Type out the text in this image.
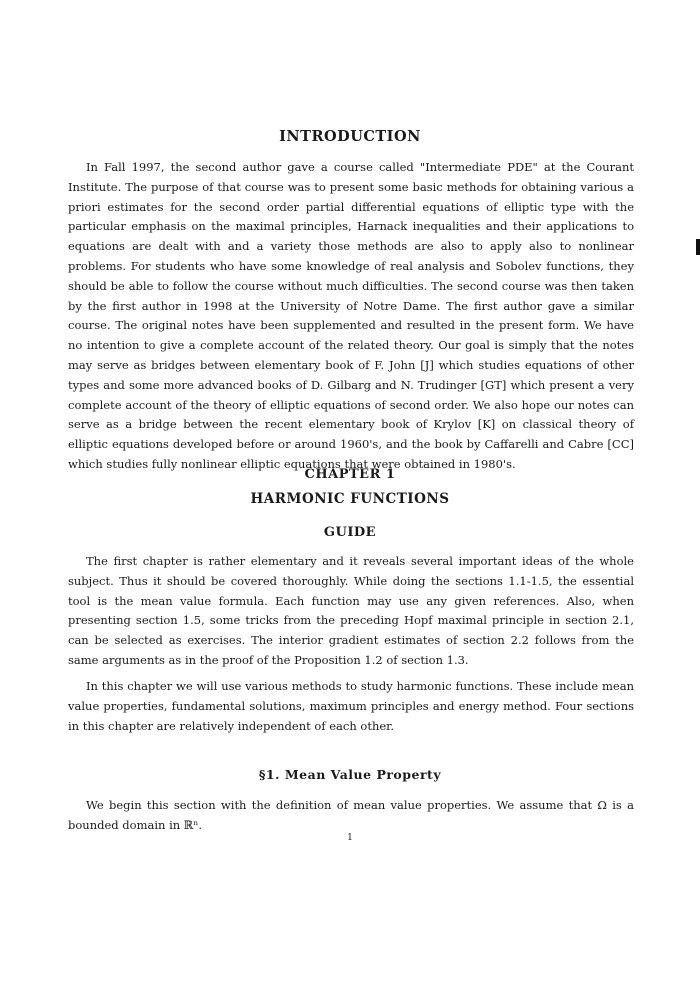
INTRODUCTION

In Fall 1997, the second author gave a course called "Intermediate PDE" at the Courant Institute. The purpose of that course was to present some basic methods for obtaining various a priori estimates for the second order partial differential equations of elliptic type with the particular emphasis on the maximal principles, Harnack inequalities and their applications to equations are dealt with and a variety those methods are also to apply also to nonlinear problems. For students who have some knowledge of real analysis and Sobolev functions, they should be able to follow the course without much difficulties. The second course was then taken by the first author in 1998 at the University of Notre Dame. The first author gave a similar course. The original notes have been supplemented and resulted in the present form. We have no intention to give a complete account of the related theory. Our goal is simply that the notes may serve as bridges between elementary book of F. John [J] which studies equations of other types and some more advanced books of D. Gilbarg and N. Trudinger [GT] which present a very complete account of the theory of elliptic equations of second order. We also hope our notes can serve as a bridge between the recent elementary book of Krylov [K] on classical theory of elliptic equations developed before or around 1960's, and the book by Caffarelli and Cabre [CC] which studies fully nonlinear elliptic equations that were obtained in 1980's.

CHAPTER 1
HARMONIC FUNCTIONS
GUIDE

The first chapter is rather elementary and it reveals several important ideas of the whole subject. Thus it should be covered thoroughly. While doing the sections 1.1-1.5, the essential tool is the mean value formula. Each function may use any given references. Also, when presenting section 1.5, some tricks from the preceding Hopf maximal principle in section 2.1, can be selected as exercises. The interior gradient estimates of section 2.2 follows from the same arguments as in the proof of the Proposition 1.2 of section 1.3.

In this chapter we will use various methods to study harmonic functions. These include mean value properties, fundamental solutions, maximum principles and energy method. Four sections in this chapter are relatively independent of each other.

§1. Mean Value Property

We begin this section with the definition of mean value properties. We assume that Ω is a bounded domain in ℝⁿ.

1
